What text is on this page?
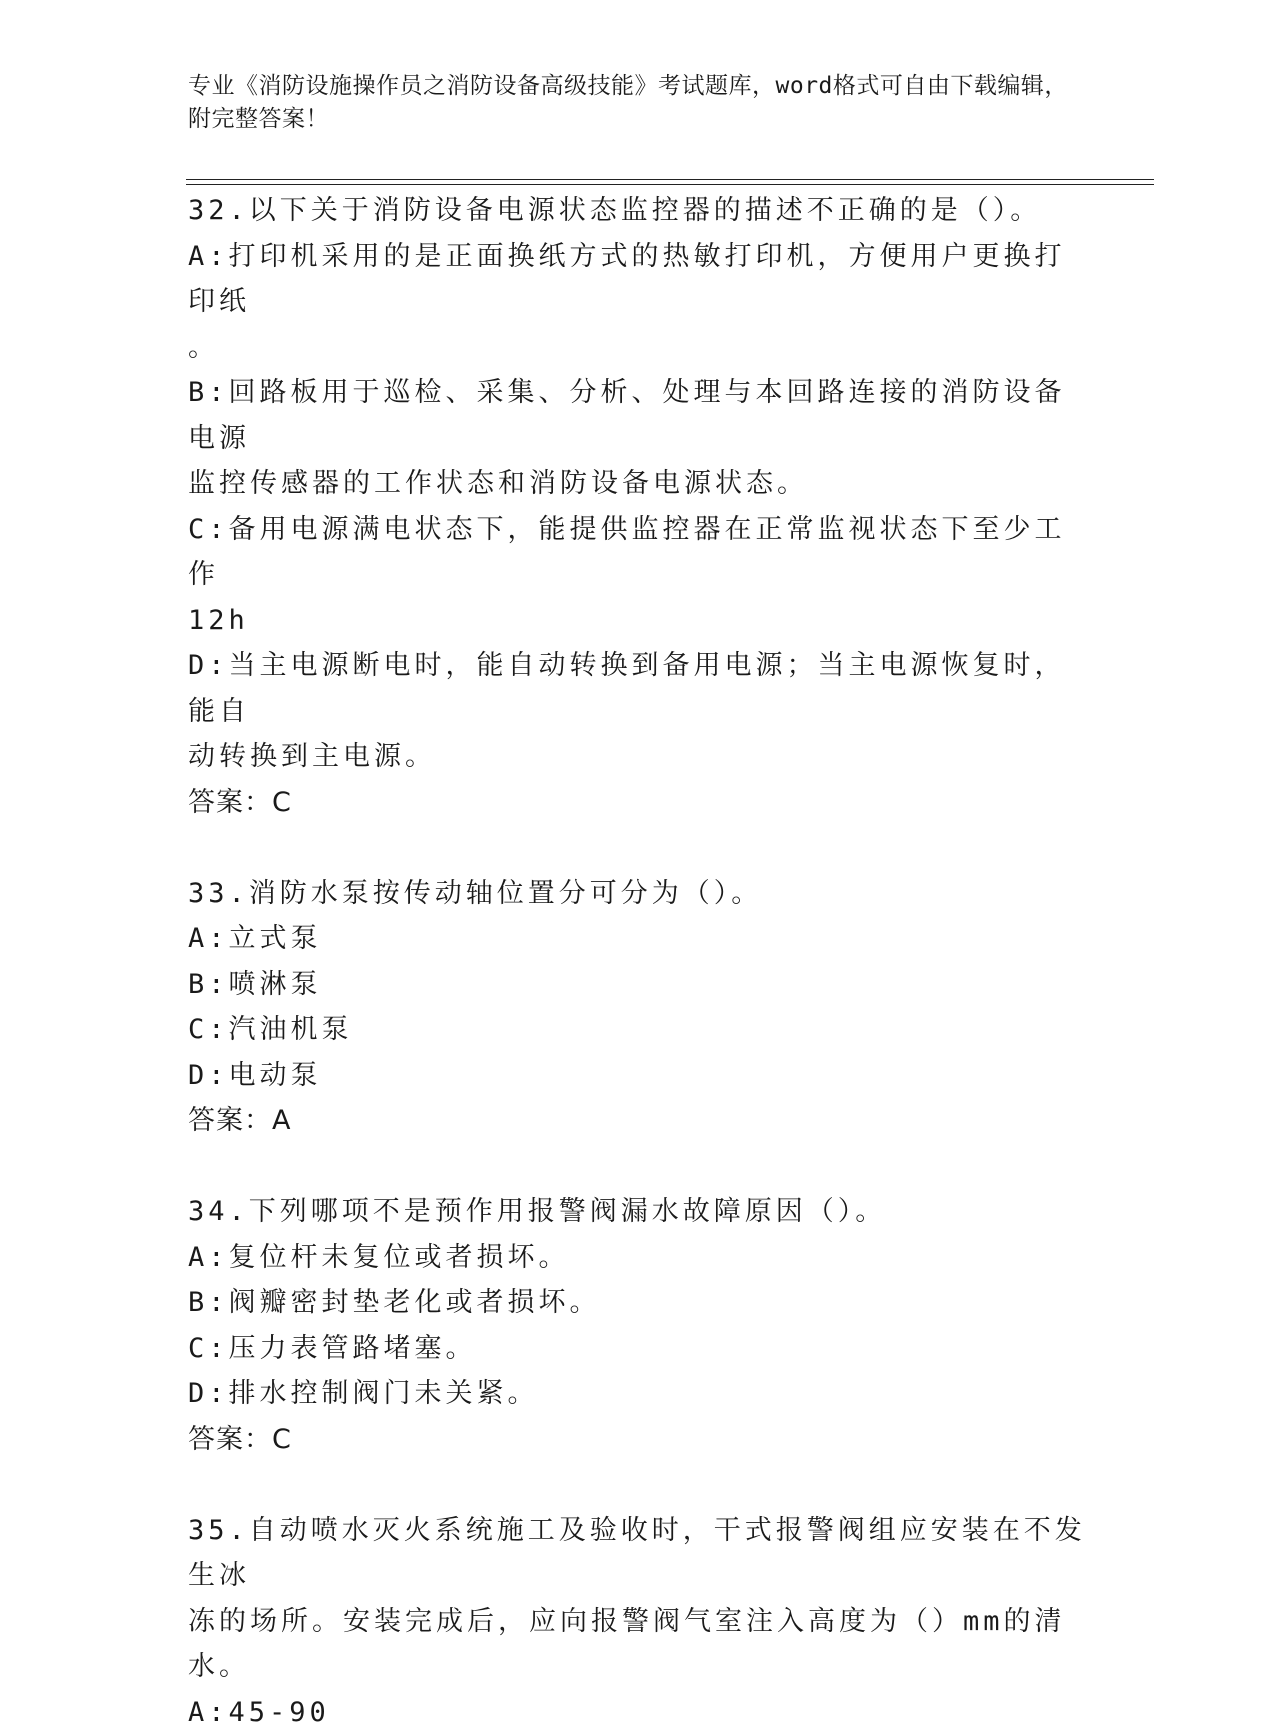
专业《消防设施操作员之消防设备高级技能》考试题库，word格式可自由下载编辑，附完整答案！

32.以下关于消防设备电源状态监控器的描述不正确的是（）。

A:打印机采用的是正面换纸方式的热敏打印机，方便用户更换打印纸

。

B:回路板用于巡检、采集、分析、处理与本回路连接的消防设备电源

监控传感器的工作状态和消防设备电源状态。

C:备用电源满电状态下，能提供监控器在正常监视状态下至少工作

12h

D:当主电源断电时，能自动转换到备用电源；当主电源恢复时，能自

动转换到主电源。

答案：C

33.消防水泵按传动轴位置分可分为（）。

A:立式泵

B:喷淋泵

C:汽油机泵

D:电动泵

答案：A

34.下列哪项不是预作用报警阀漏水故障原因（）。

A:复位杆未复位或者损坏。

B:阀瓣密封垫老化或者损坏。

C:压力表管路堵塞。

D:排水控制阀门未关紧。

答案：C

35.自动喷水灭火系统施工及验收时，干式报警阀组应安装在不发生冰

冻的场所。安装完成后，应向报警阀气室注入高度为（）mm的清水。

A:45-90
